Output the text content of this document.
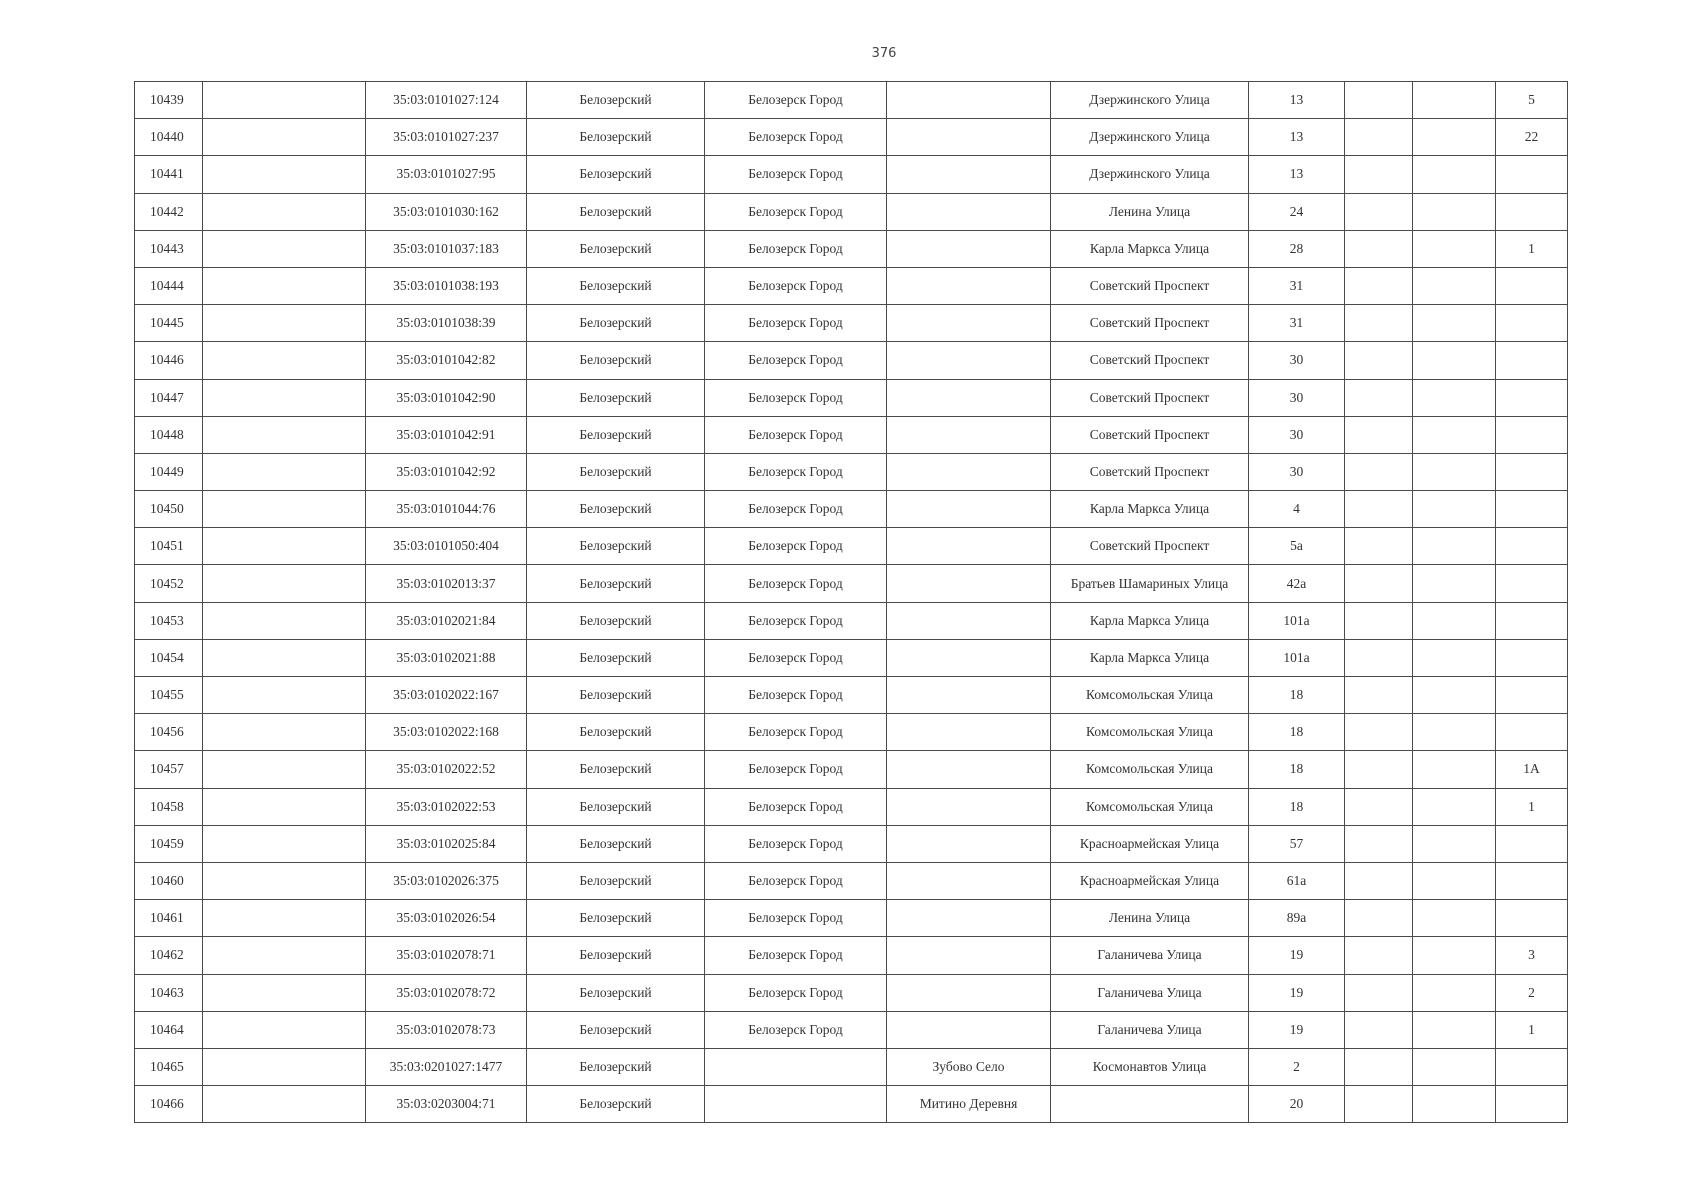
376
10439		35:03:0101027:124	Белозерский	Белозерск Город		Дзержинского Улица	13			5
10440		35:03:0101027:237	Белозерский	Белозерск Город		Дзержинского Улица	13			22
10441		35:03:0101027:95	Белозерский	Белозерск Город		Дзержинского Улица	13			
10442		35:03:0101030:162	Белозерский	Белозерск Город		Ленина Улица	24			
10443		35:03:0101037:183	Белозерский	Белозерск Город		Карла Маркса Улица	28			1
10444		35:03:0101038:193	Белозерский	Белозерск Город		Советский Проспект	31			
10445		35:03:0101038:39	Белозерский	Белозерск Город		Советский Проспект	31			
10446		35:03:0101042:82	Белозерский	Белозерск Город		Советский Проспект	30			
10447		35:03:0101042:90	Белозерский	Белозерск Город		Советский Проспект	30			
10448		35:03:0101042:91	Белозерский	Белозерск Город		Советский Проспект	30			
10449		35:03:0101042:92	Белозерский	Белозерск Город		Советский Проспект	30			
10450		35:03:0101044:76	Белозерский	Белозерск Город		Карла Маркса Улица	4			
10451		35:03:0101050:404	Белозерский	Белозерск Город		Советский Проспект	5а			
10452		35:03:0102013:37	Белозерский	Белозерск Город		Братьев Шамариных Улица	42а			
10453		35:03:0102021:84	Белозерский	Белозерск Город		Карла Маркса Улица	101а			
10454		35:03:0102021:88	Белозерский	Белозерск Город		Карла Маркса Улица	101а			
10455		35:03:0102022:167	Белозерский	Белозерск Город		Комсомольская Улица	18			
10456		35:03:0102022:168	Белозерский	Белозерск Город		Комсомольская Улица	18			
10457		35:03:0102022:52	Белозерский	Белозерск Город		Комсомольская Улица	18			1А
10458		35:03:0102022:53	Белозерский	Белозерск Город		Комсомольская Улица	18			1
10459		35:03:0102025:84	Белозерский	Белозерск Город		Красноармейская Улица	57			
10460		35:03:0102026:375	Белозерский	Белозерск Город		Красноармейская Улица	61а			
10461		35:03:0102026:54	Белозерский	Белозерск Город		Ленина Улица	89а			
10462		35:03:0102078:71	Белозерский	Белозерск Город		Галаничева Улица	19			3
10463		35:03:0102078:72	Белозерский	Белозерск Город		Галаничева Улица	19			2
10464		35:03:0102078:73	Белозерский	Белозерск Город		Галаничева Улица	19			1
10465		35:03:0201027:1477	Белозерский		Зубово Село	Космонавтов Улица	2			
10466		35:03:0203004:71	Белозерский		Митино Деревня		20			
